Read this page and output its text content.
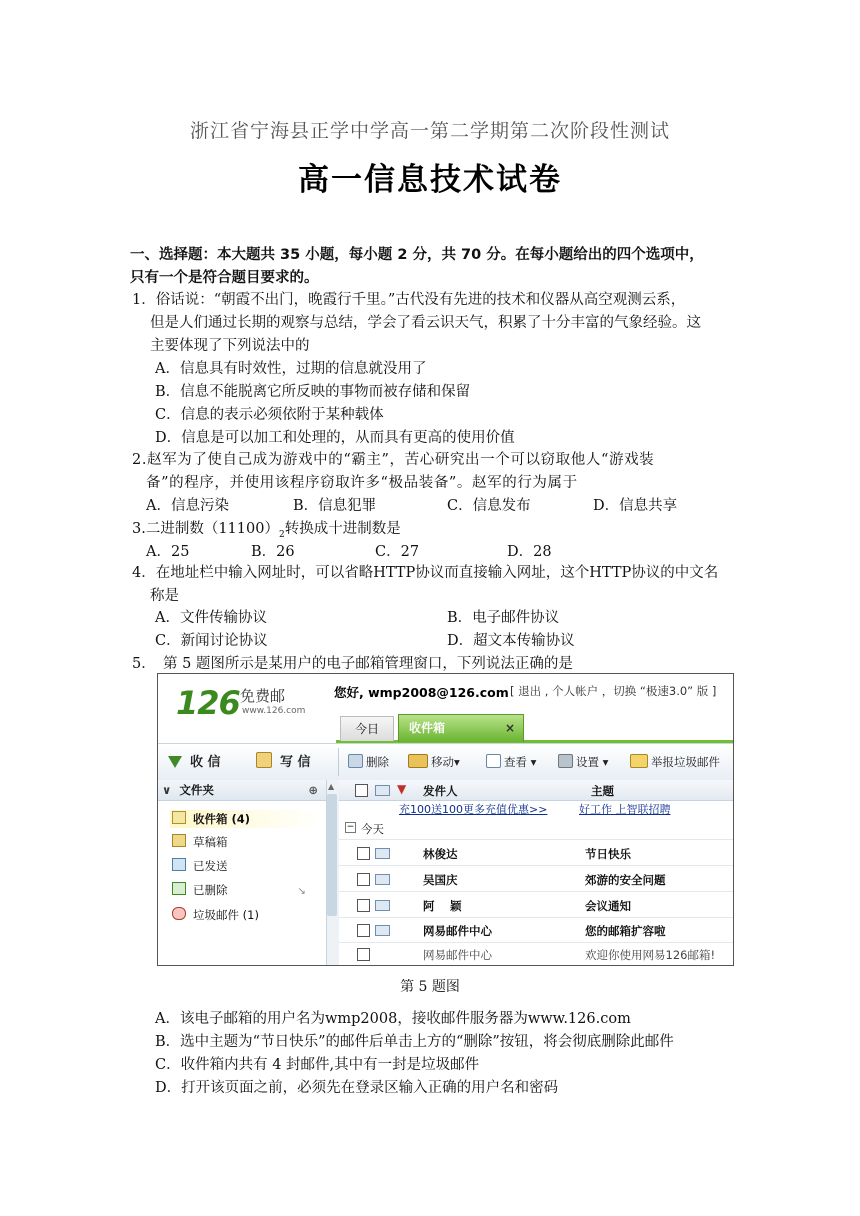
浙江省宁海县正学中学高一第二学期第二次阶段性测试
高一信息技术试卷
一、选择题：本大题共 35 小题，每小题 2 分，共 70 分。在每小题给出的四个选项中，
只有一个是符合题目要求的。
1．俗话说：“朝霞不出门，晚霞行千里。”古代没有先进的技术和仪器从高空观测云系，
但是人们通过长期的观察与总结，学会了看云识天气，积累了十分丰富的气象经验。这
主要体现了下列说法中的
A．信息具有时效性，过期的信息就没用了
B．信息不能脱离它所反映的事物而被存储和保留
C．信息的表示必须依附于某种载体
D．信息是可以加工和处理的，从而具有更高的使用价值
2.赵军为了使自己成为游戏中的“霸主”，苦心研究出一个可以窃取他人“游戏装
备”的程序，并使用该程序窃取许多“极品装备”。赵军的行为属于
A．信息污染	B．信息犯罪	C．信息发布	D．信息共享
3.二进制数$(11100)_2$转换成十进制数是
A．25	B．26	C．27	D．28
4．在地址栏中输入网址时，可以省略HTTP协议而直接输入网址，这个HTTP协议的中文名
称是
A．文件传输协议	B．电子邮件协议
C．新闻讨论协议	D．超文本传输协议
5．　第 5 题图所示是某用户的电子邮箱管理窗口，下列说法正确的是
126 免费邮
www.126.com
您好, wmp2008@126.com [ 退出 , 个人帐户 ，切换 “极速3.0” 版 ]
今日	收件箱	×
收 信	写 信	删除	移动▾	查看 ▾	设置 ▾	举报垃圾邮件
∨ 文件夹	⊕ ▲
收件箱 (4)
草稿箱
已发送
已删除	↘
垃圾邮件 (1)
▼ 发件人	主题
充100送100更多充值优惠>>	好工作 上智联招聘
− 今天
林俊达	节日快乐
吴国庆	郊游的安全问题
阿　 颖	会议通知
网易邮件中心	您的邮箱扩容啦
网易邮件中心	欢迎你使用网易126邮箱!
第 5 题图
A．该电子邮箱的用户名为wmp2008，接收邮件服务器为www.126.com
B．选中主题为“节日快乐”的邮件后单击上方的“删除”按钮，将会彻底删除此邮件
C．收件箱内共有 4 封邮件,其中有一封是垃圾邮件
D．打开该页面之前，必须先在登录区输入正确的用户名和密码
